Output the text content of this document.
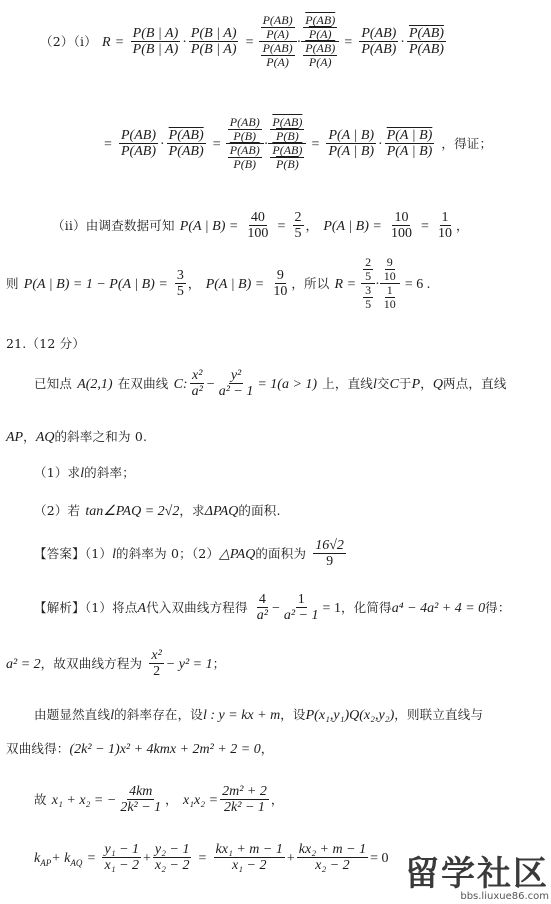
（2）（i） $R = \frac{P(B | A)}{P(B | A)} \cdot \frac{P(B | A)}{P(B | A)} = \frac{\frac{P(AB)}{P(A)}}{\frac{P(AB)}{P(A)}} \cdot \frac{\frac{P(AB)}{P(A)}}{\frac{P(AB)}{P(A)}} = \frac{P(AB)}{P(AB)} \cdot \frac{P(AB)}{P(AB)}$
= $\frac{P(AB)}{P(AB)} \cdot \frac{P(AB)}{P(AB)} = \frac{\frac{P(AB)}{P(B)}}{\frac{P(AB)}{P(B)}} \cdot \frac{\frac{P(AB)}{P(B)}}{\frac{P(AB)}{P(B)}} = \frac{P(A | B)}{P(A | B)} \cdot \frac{P(A | B)}{P(A | B)}$ ，得证；
（ii）由调查数据可知 P(A | $B) = \frac{40}{100} = \frac{2}{5}$ ， P(A | $B) = \frac{10}{100} = \frac{1}{10}$ ，
则 P(A | B) = 1 − P(A | $B) = \frac{3}{5}$ ， P(A | $B) = \frac{9}{10}$ ，所以 $R = \frac{\frac{2}{5}}{\frac{3}{5}} \cdot \frac{\frac{9}{10}}{\frac{1}{10}} = 6$ .
21.（12 分）
已知点 A(2,1) 在双曲线 C: $\frac{\text{x²}}{\text{a²}} - \frac{\text{y²}}{\text{a² − 1}} = 1(a > 1)$ 上，直线l交C于P，Q两点，直线
AP，AQ的斜率之和为 0.
（1）求l的斜率；
（2）若 tan∠PAQ = 2√2，求ΔPAQ的面积.
【答案】（1）l的斜率为 0；（2）△PAQ的面积为 $\frac{16√2}{9}$
【解析】（1）将点A代入双曲线方程得 $\frac{4}{\text{a²}} - \frac{1}{\text{a² − 1}} = 1$，化简得a⁴ − 4a² + 4 = 0得：
a² = 2，故双曲线方程为 $\frac{\text{x²}}{2} - y^2 = 1$；
由题显然直线l的斜率存在，设l : y = kx + m，设P(x₁,y₁)Q(x₂,y₂)，则联立直线与
双曲线得：(2k² − 1)x² + 4kmx + 2m² + 2 = 0，
故 x₁ + x₂ = − $\frac{4km}{\text{2k² − 1}}$ ， $x_1x_2 = \frac{\text{2m² + 2}}{\text{2k² − 1}}$ ，
$k_{AP}+ k_{AQ} = \frac{\text{y₁ − 1}}{\text{x₁ − 2}} + \frac{\text{y₂ − 1}}{\text{x₂ − 2}} = \frac{\text{kx₁ + m − 1}}{\text{x₁ − 2}} + \frac{\text{kx₂ + m − 1}}{\text{x₂ − 2}} = 0$ 留学社区
bbs.liuxue86.com
